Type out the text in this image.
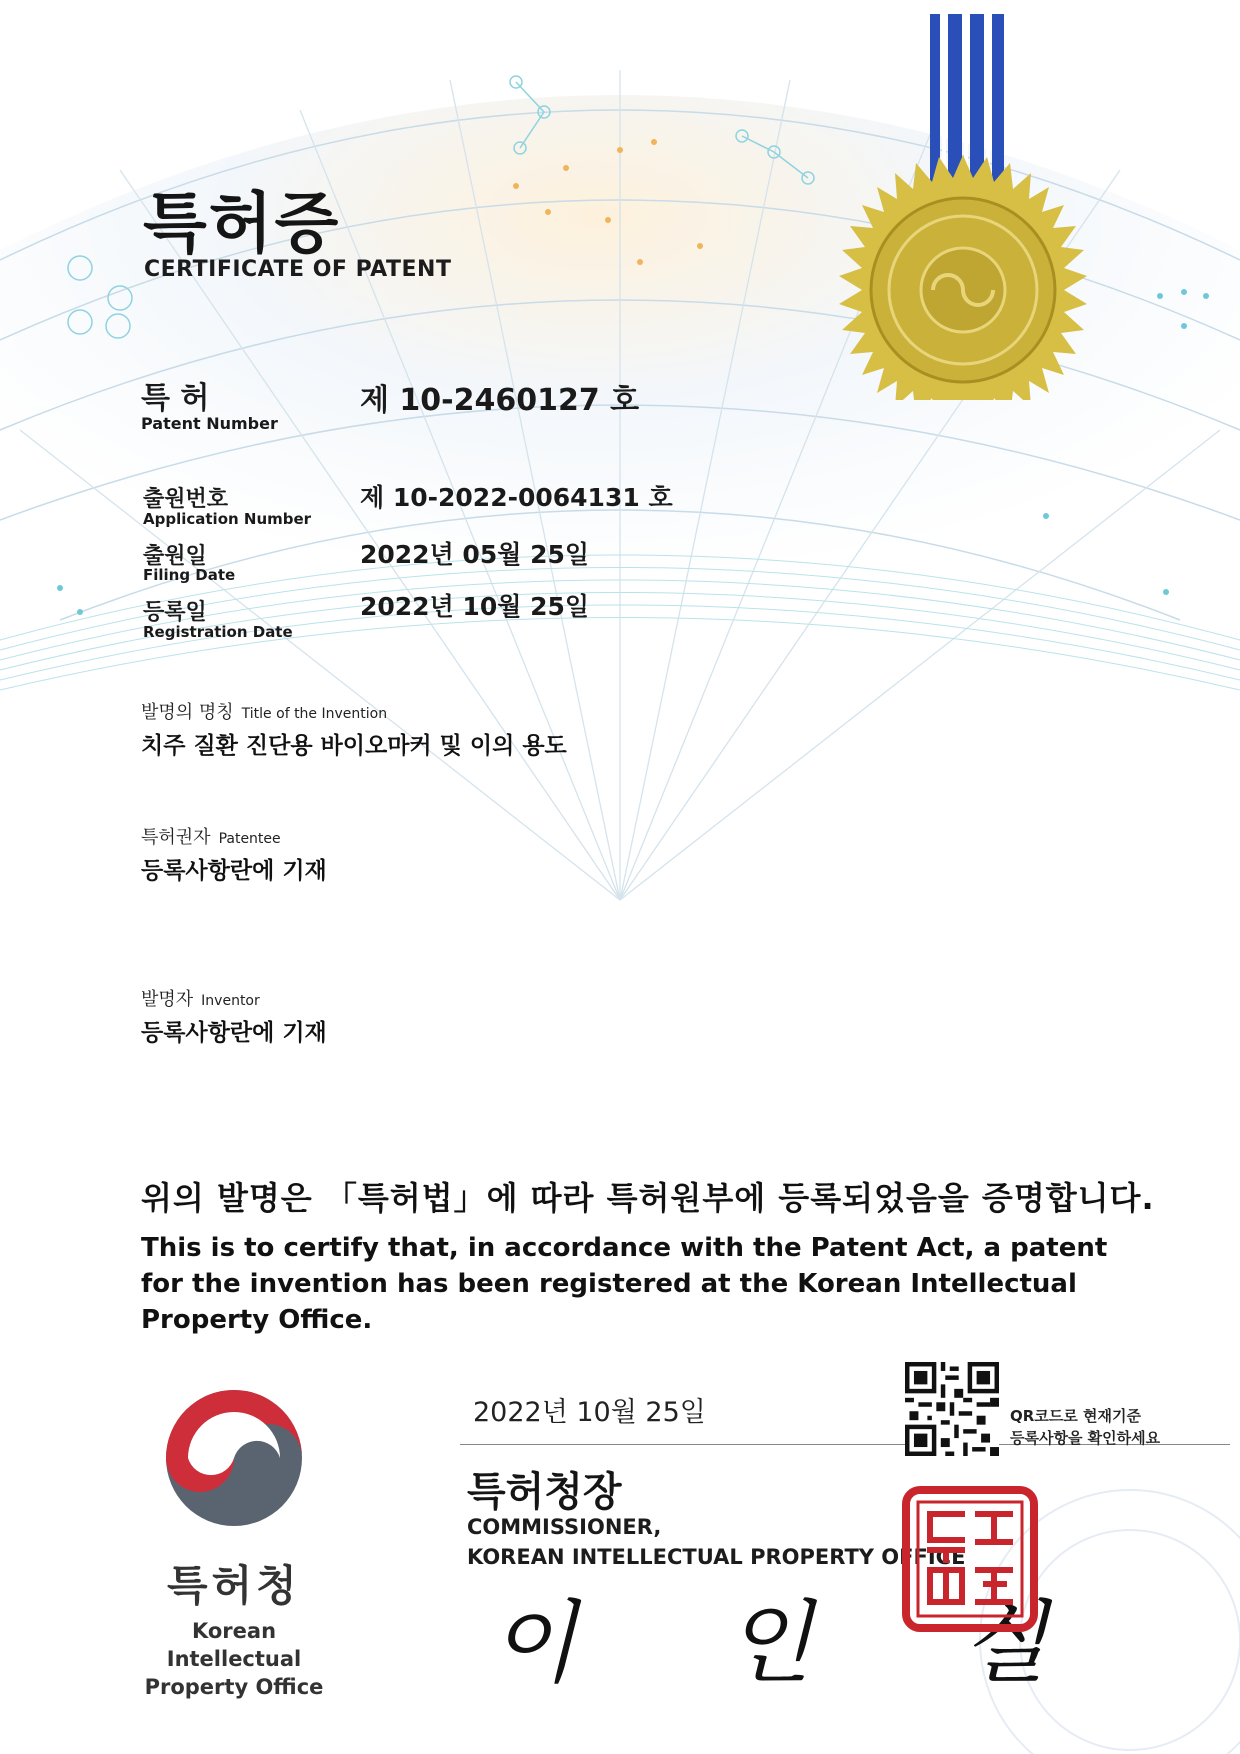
특허증
CERTIFICATE OF PATENT
특 허
Patent Number
제 10-2460127 호
출원번호
Application Number
제 10-2022-0064131 호
출원일
Filing Date
2022년 05월 25일
등록일
Registration Date
2022년 10월 25일
발명의 명칭 Title of the Invention
치주 질환 진단용 바이오마커 및 이의 용도
특허권자 Patentee
등록사항란에 기재
발명자 Inventor
등록사항란에 기재
위의 발명은 「특허법」에 따라 특허원부에 등록되었음을 증명합니다.
This is to certify that, in accordance with the Patent Act, a patent for the invention has been registered at the Korean Intellectual Property Office.
2022년 10월 25일
특허청장
COMMISSIONER,
KOREAN INTELLECTUAL PROPERTY OFFICE
이 인 실
QR코드로 현재기준
등록사항을 확인하세요
특허청
Korean Intellectual
Property Office
